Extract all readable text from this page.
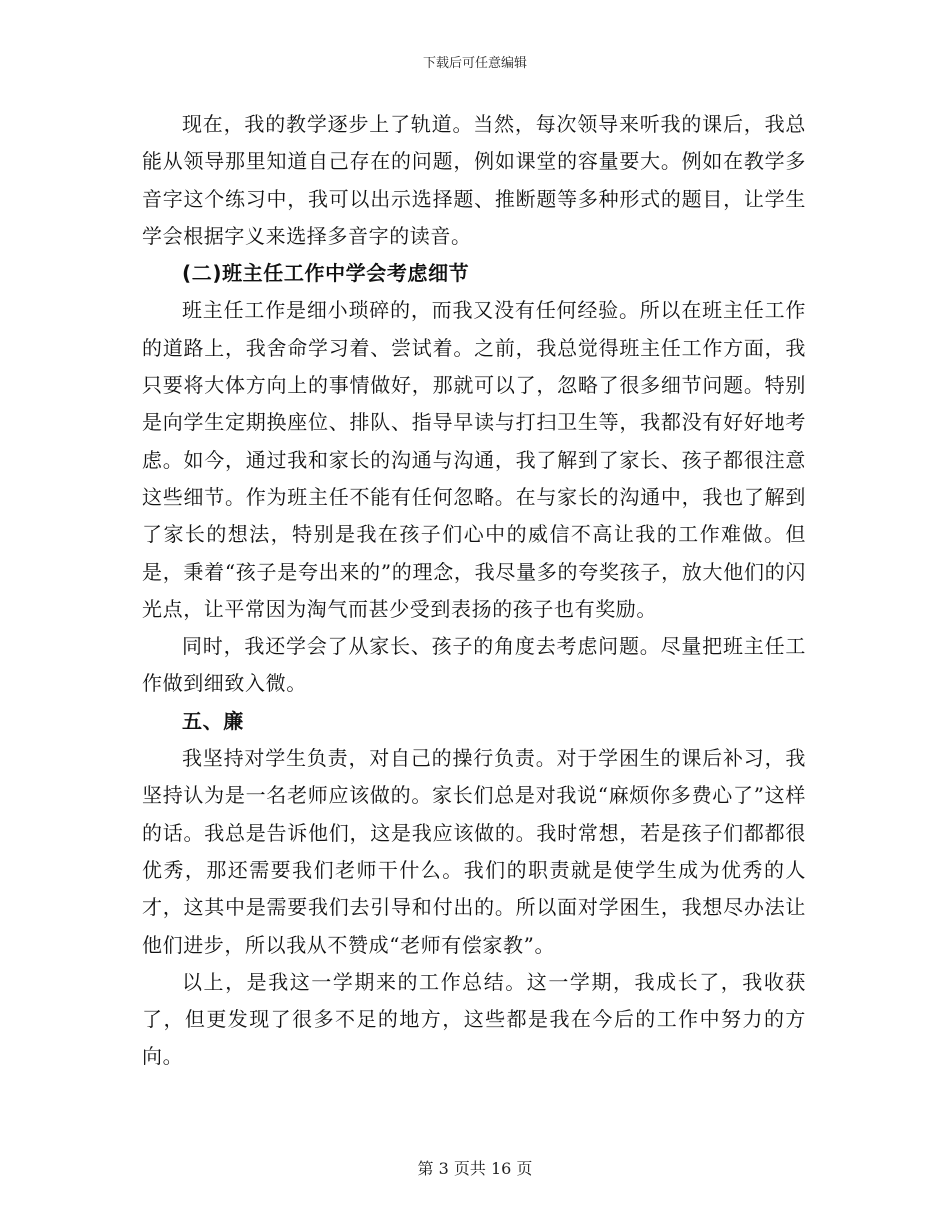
下载后可任意编辑

现在，我的教学逐步上了轨道。当然，每次领导来听我的课后，我总能从领导那里知道自己存在的问题，例如课堂的容量要大。例如在教学多音字这个练习中，我可以出示选择题、推断题等多种形式的题目，让学生学会根据字义来选择多音字的读音。

(二)班主任工作中学会考虑细节

班主任工作是细小琐碎的，而我又没有任何经验。所以在班主任工作的道路上，我舍命学习着、尝试着。之前，我总觉得班主任工作方面，我只要将大体方向上的事情做好，那就可以了，忽略了很多细节问题。特别是向学生定期换座位、排队、指导早读与打扫卫生等，我都没有好好地考虑。如今，通过我和家长的沟通与沟通，我了解到了家长、孩子都很注意这些细节。作为班主任不能有任何忽略。在与家长的沟通中，我也了解到了家长的想法，特别是我在孩子们心中的威信不高让我的工作难做。但是，秉着“孩子是夸出来的”的理念，我尽量多的夸奖孩子，放大他们的闪光点，让平常因为淘气而甚少受到表扬的孩子也有奖励。

同时，我还学会了从家长、孩子的角度去考虑问题。尽量把班主任工作做到细致入微。

五、廉

我坚持对学生负责，对自己的操行负责。对于学困生的课后补习，我坚持认为是一名老师应该做的。家长们总是对我说“麻烦你多费心了”这样的话。我总是告诉他们，这是我应该做的。我时常想，若是孩子们都都很优秀，那还需要我们老师干什么。我们的职责就是使学生成为优秀的人才，这其中是需要我们去引导和付出的。所以面对学困生，我想尽办法让他们进步，所以我从不赞成“老师有偿家教”。

以上，是我这一学期来的工作总结。这一学期，我成长了，我收获了，但更发现了很多不足的地方，这些都是我在今后的工作中努力的方向。

第 3 页共 16 页
